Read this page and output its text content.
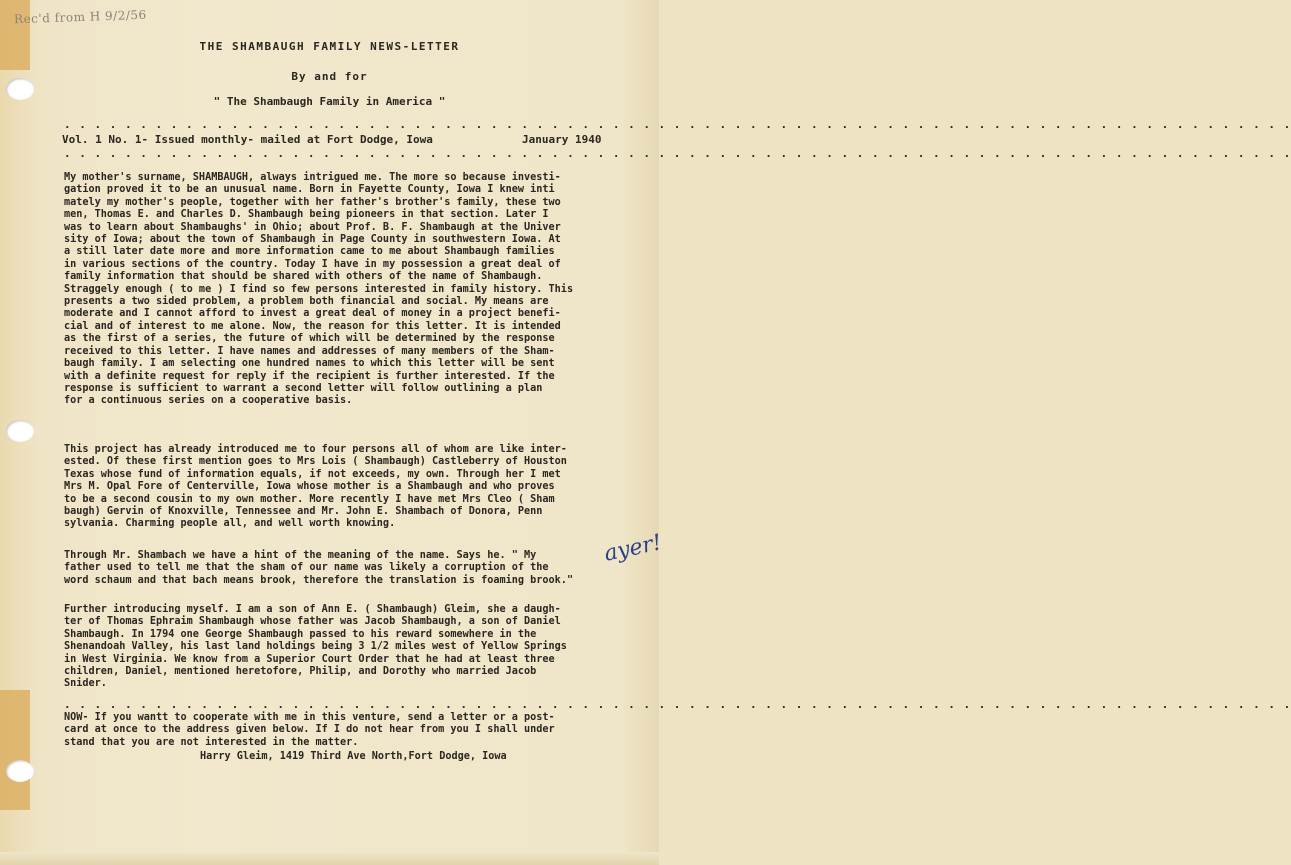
Rec'd from H 9/2/56
ayer!
THE SHAMBAUGH FAMILY NEWS-LETTER
By and for
" The Shambaugh Family in America "
. . . . . . . . . . . . . . . . . . . . . . . . . . . . . . . . . . . . . . . . . . . . . . . . . . . . . . . . . . . . . . . . . . . . . . . . . . . . . . . . .
Vol. 1 No. 1- Issued monthly- mailed at Fort Dodge, Iowa	January 1940
. . . . . . . . . . . . . . . . . . . . . . . . . . . . . . . . . . . . . . . . . . . . . . . . . . . . . . . . . . . . . . . . . . . . . . . . . . . . . . . . .
My mother's surname, SHAMBAUGH, always intrigued me. The more so because investi-
gation proved it to be an unusual name. Born in Fayette County, Iowa I knew inti
mately my mother's people, together with her father's brother's family, these two
men, Thomas E. and Charles D. Shambaugh being pioneers in that section. Later I
was to learn about Shambaughs' in Ohio; about Prof. B. F. Shambaugh at the Univer
sity of Iowa; about the town of Shambaugh in Page County in southwestern Iowa. At
a still later date more and more information came to me about Shambaugh families
in various sections of the country. Today I have in my possession a great deal of
family information that should be shared with others of the name of Shambaugh.
Straggely enough ( to me ) I find so few persons interested in family history. This
presents a two sided problem, a problem both financial and social. My means are
moderate and I cannot afford to invest a great deal of money in a project benefi-
cial and of interest to me alone. Now, the reason for this letter. It is intended
as the first of a series, the future of which will be determined by the response
received to this letter. I have names and addresses of many members of the Sham-
baugh family. I am selecting one hundred names to which this letter will be sent
with a definite request for reply if the recipient is further interested. If the
response is sufficient to warrant a second letter will follow outlining a plan
for a continuous series on a cooperative basis.
This project has already introduced me to four persons all of whom are like inter-
ested. Of these first mention goes to Mrs Lois ( Shambaugh) Castleberry of Houston
Texas whose fund of information equals, if not exceeds, my own. Through her I met
Mrs M. Opal Fore of Centerville, Iowa whose mother is a Shambaugh and who proves
to be a second cousin to my own mother. More recently I have met Mrs Cleo ( Sham
baugh) Gervin of Knoxville, Tennessee and Mr. John E. Shambach of Donora, Penn
sylvania. Charming people all, and well worth knowing.
Through Mr. Shambach we have a hint of the meaning of the name. Says he. " My
father used to tell me that the sham of our name was likely a corruption of the
word schaum and that bach means brook, therefore the translation is foaming brook."
Further introducing myself. I am a son of Ann E. ( Shambaugh) Gleim, she a daugh-
ter of Thomas Ephraim Shambaugh whose father was Jacob Shambaugh, a son of Daniel
Shambaugh. In 1794 one George Shambaugh passed to his reward somewhere in the
Shenandoah Valley, his last land holdings being 3 1/2 miles west of Yellow Springs
in West Virginia. We know from a Superior Court Order that he had at least three
children, Daniel, mentioned heretofore, Philip, and Dorothy who married Jacob
Snider.
. . . . . . . . . . . . . . . . . . . . . . . . . . . . . . . . . . . . . . . . . . . . . . . . . . . . . . . . . . . . . . . . . . . . . . . . . . . . . . . . .
NOW- If you wantt to cooperate with me in this venture, send a letter or a post-
card at once to the address given below. If I do not hear from you I shall under
stand that you are not interested in the matter.
Harry Gleim, 1419 Third Ave North,Fort Dodge, Iowa
